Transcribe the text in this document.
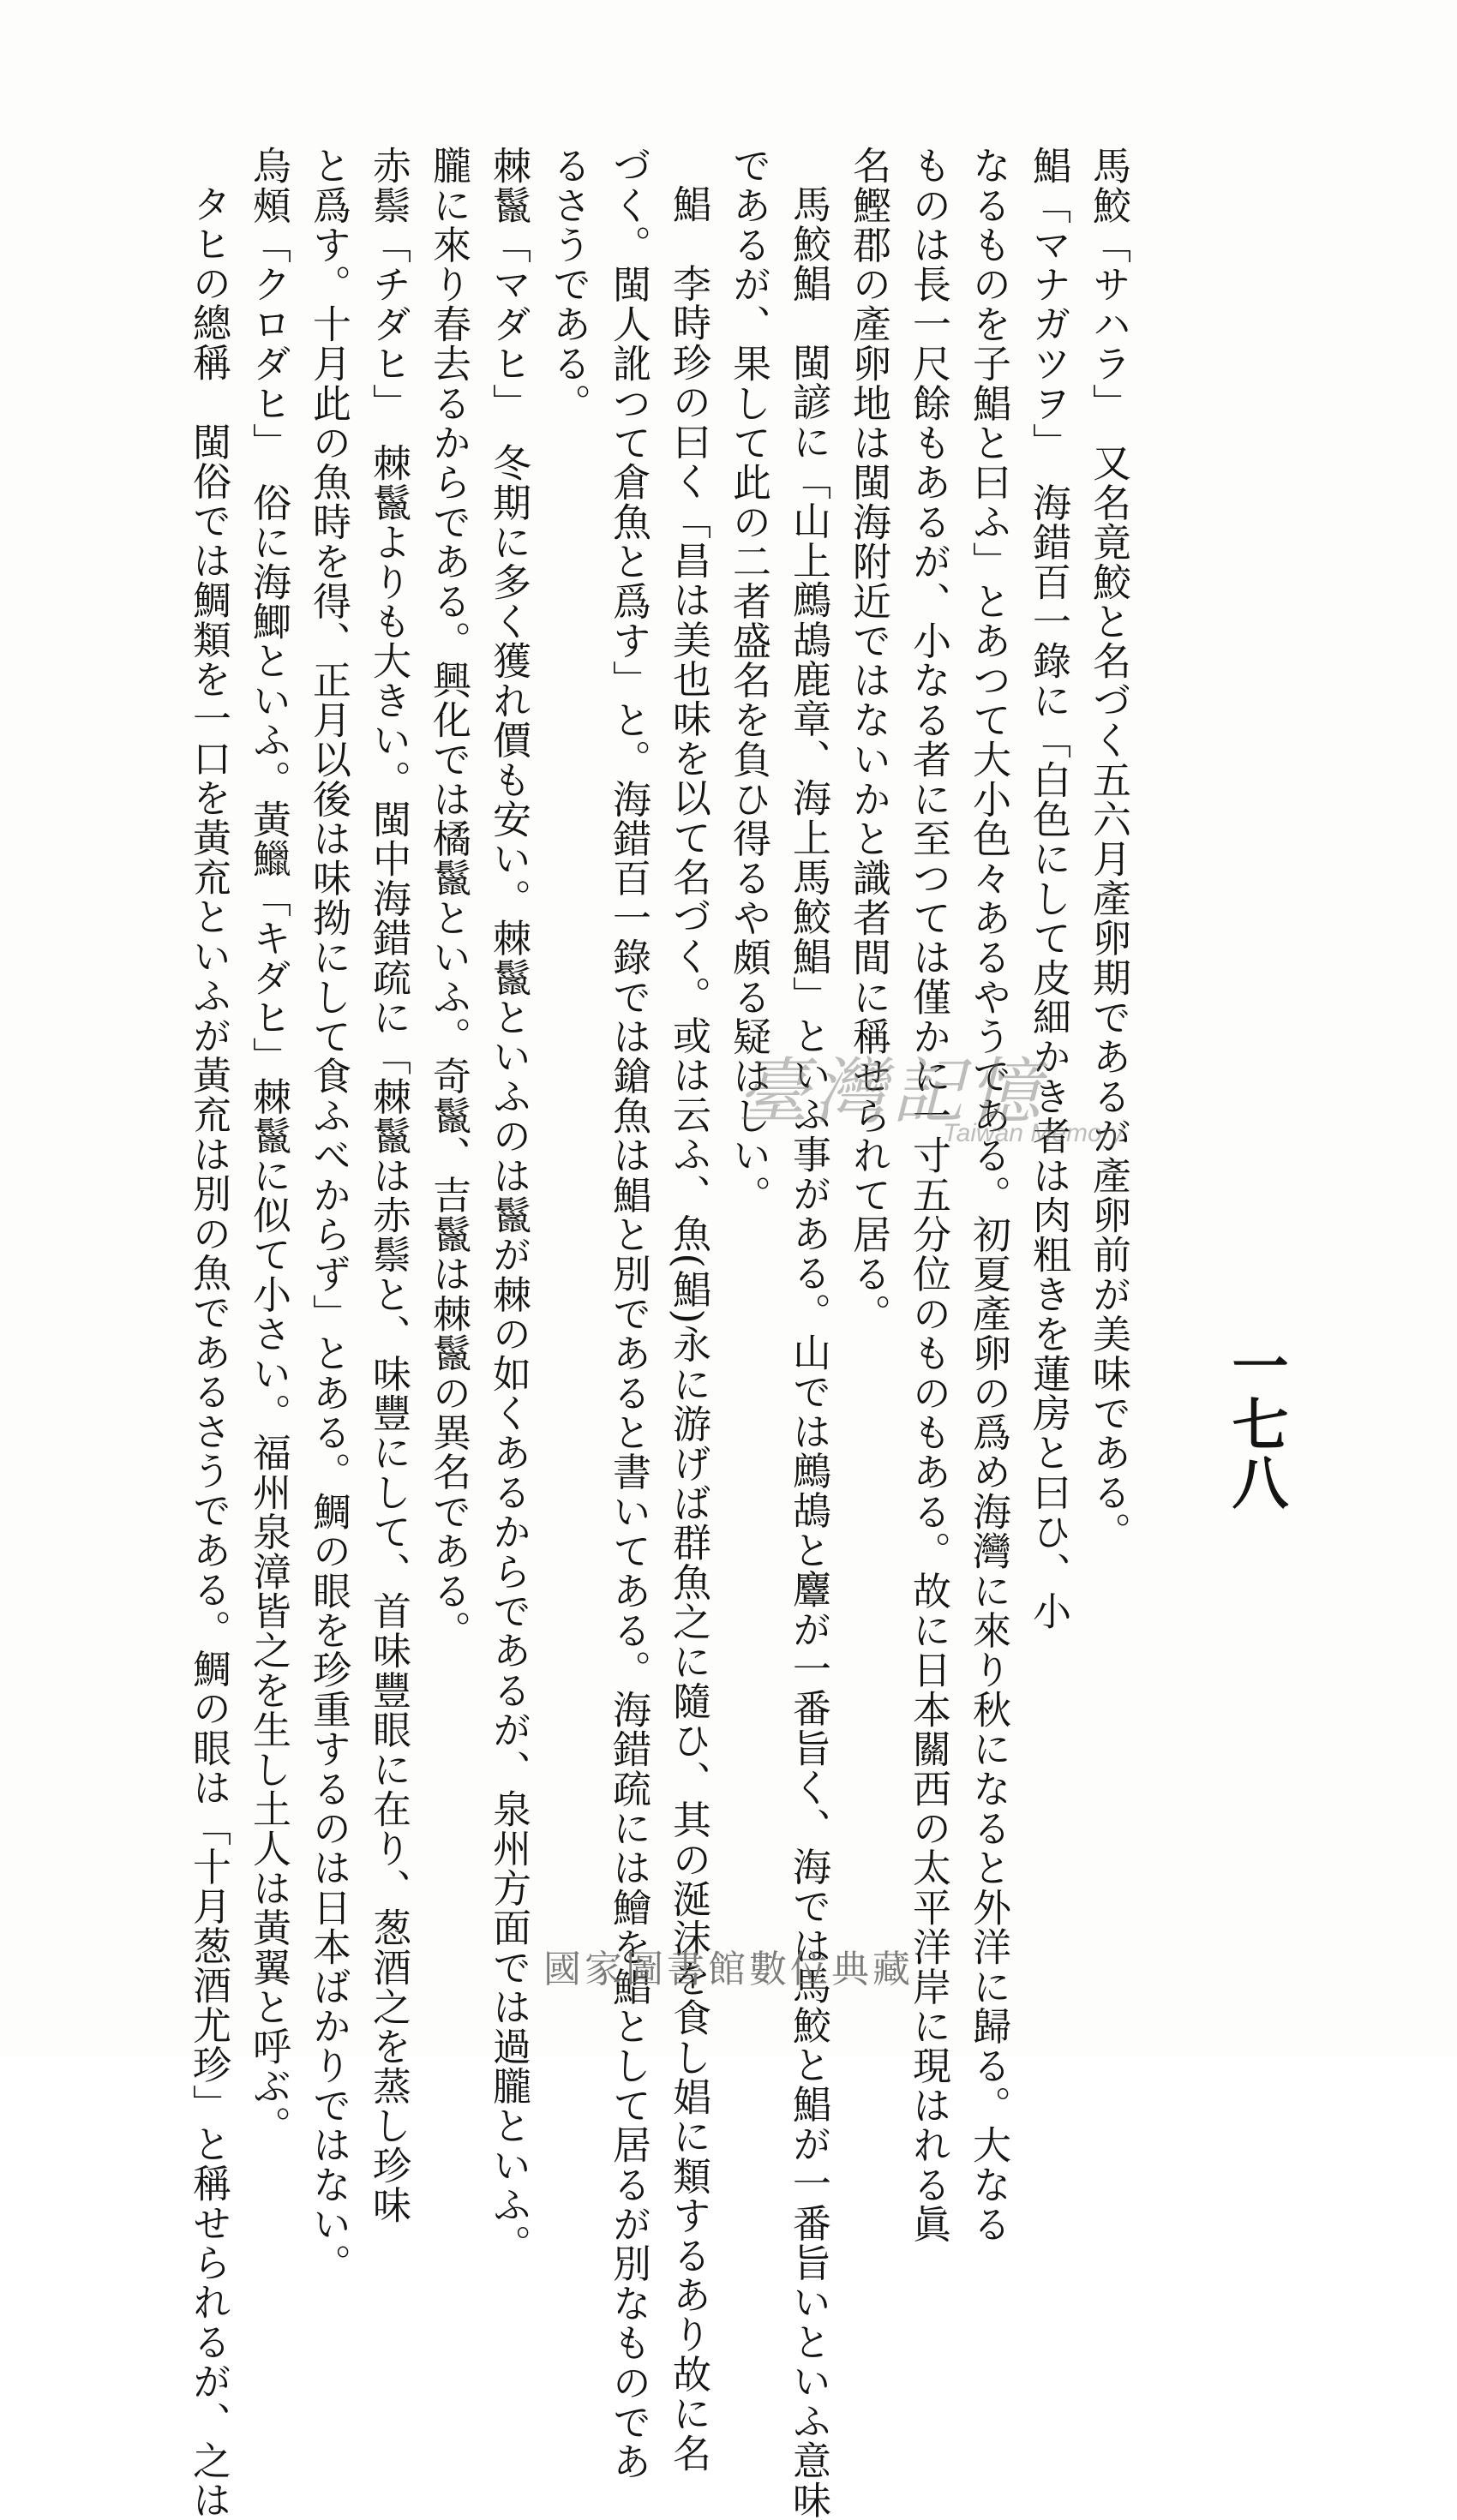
一七八
馬鮫「サハラ」　又名竟鮫と名づく五六月產卵期であるが產卵前が美味である。
鯧「マナガツヲ」　海錯百一錄に「白色にして皮細かき者は肉粗きを蓮房と曰ひ、小
なるものを子鯧と曰ふ」とあつて大小色々あるやうである。初夏產卵の爲め海灣に來り秋になると外洋に歸る。大なる
ものは長一尺餘もあるが、小なる者に至つては僅かに一寸五分位のものもある。故に日本關西の太平洋岸に現はれる眞
名鰹郡の產卵地は閩海附近ではないかと識者間に稱せられて居る。
馬鮫鯧　閩諺に「山上鷓鴣鹿章、海上馬鮫鯧」といふ事がある。山では鷓鴣と麞が一番旨く、海では馬鮫と鯧が一番旨いといふ意味
であるが、果して此の二者盛名を負ひ得るや頗る疑はしい。
鯧　李時珍の曰く「昌は美也味を以て名づく。或は云ふ、魚(鯧)永に游げば群魚之に隨ひ、其の涎沫を食し娼に類するあり故に名
づく。閩人訛つて倉魚と爲す」と。海錯百一錄では鎗魚は鯧と別であると書いてある。海錯疏には鱠を鯧として居るが別なものであ
るさうである。
棘鬣「マダヒ」　冬期に多く獲れ價も安い。棘鬣といふのは鬣が棘の如くあるからであるが、泉州方面では過朧といふ。
朧に來り春去るからである。興化では橘鬣といふ。奇鬣、吉鬣は棘鬣の異名である。
赤鬃「チダヒ」　棘鬣よりも大きい。閩中海錯疏に「棘鬣は赤鬃と、味豐にして、首味豐眼に在り、葱酒之を蒸し珍味
と爲す。十月此の魚時を得、正月以後は味拗にして食ふべからず」とある。鯛の眼を珍重するのは日本ばかりではない。
烏頰「クロダヒ」　俗に海鯽といふ。黃鱲「キダヒ」棘鬣に似て小さい。福州泉漳皆之を生し土人は黃翼と呼ぶ。
タヒの總稱　閩俗では鯛類を一口を黃㐬といふが黃㐬は別の魚であるさうである。鯛の眼は「十月葱酒尤珍」と稱せられるが、之は	臺灣記憶
Taiwan Memory
國家圖書館數位典藏
